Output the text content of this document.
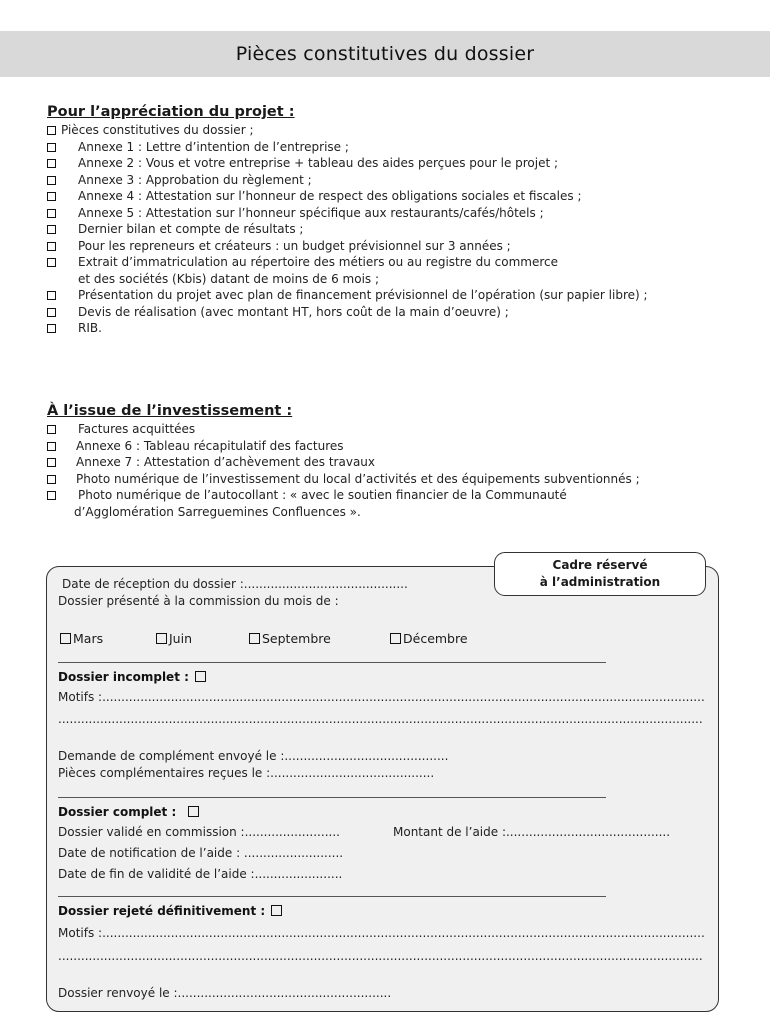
Pièces constitutives du dossier

Pour l’appréciation du projet :

Pièces constitutives du dossier ;
Annexe 1 : Lettre d’intention de l’entreprise ;
Annexe 2 : Vous et votre entreprise + tableau des aides perçues pour le projet ;
Annexe 3 : Approbation du règlement ;
Annexe 4 : Attestation sur l’honneur de respect des obligations sociales et fiscales ;
Annexe 5 : Attestation sur l’honneur spécifique aux restaurants/cafés/hôtels ;
Dernier bilan et compte de résultats ;
Pour les repreneurs et créateurs : un budget prévisionnel sur 3 années ;
Extrait d’immatriculation au répertoire des métiers ou au registre du commerce
et des sociétés (Kbis) datant de moins de 6 mois ;
Présentation du projet avec plan de financement prévisionnel de l’opération (sur papier libre) ;
Devis de réalisation (avec montant HT, hors coût de la main d’oeuvre) ;
RIB.

À l’issue de l’investissement :

Factures acquittées
Annexe 6 : Tableau récapitulatif des factures
Annexe 7 : Attestation d’achèvement des travaux
Photo numérique de l’investissement du local d’activités et des équipements subventionnés ;
Photo numérique de l’autocollant : « avec le soutien financier de la Communauté
d’Agglomération Sarreguemines Confluences ».
Cadre réservé
à l’administration
Date de réception du dossier :...........................................
Dossier présenté à la commission du mois de :
Mars	Juin	Septembre	Décembre
Dossier incomplet :
Motifs :..............................................................................................................................................................
.........................................................................................................................................................................
Demande de complément envoyé le :...........................................
Pièces complémentaires reçues le :...........................................
Dossier complet :
Dossier validé en commission :.........................	Montant de l’aide :...........................................
Date de notification de l’aide : ..........................
Date de fin de validité de l’aide :.......................
Dossier rejeté définitivement :
Motifs :..............................................................................................................................................................
.........................................................................................................................................................................
Dossier renvoyé le :........................................................
